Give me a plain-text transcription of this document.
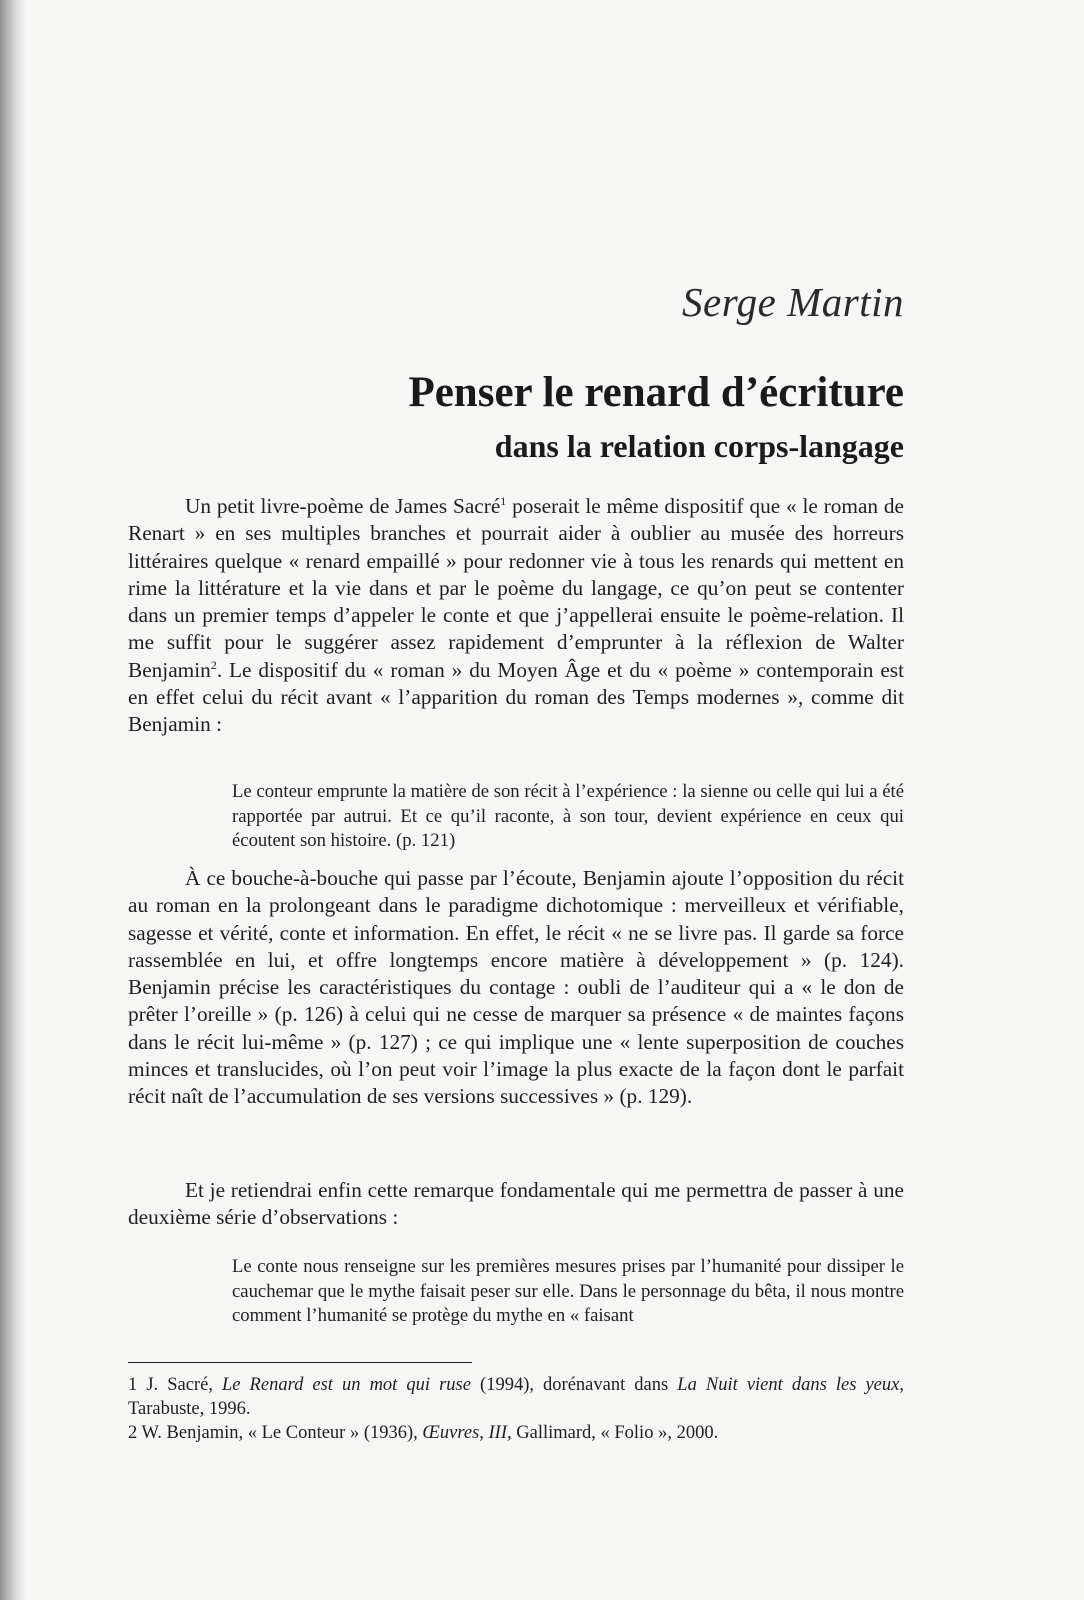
Serge Martin
Penser le renard d’écriture
dans la relation corps-langage

Un petit livre-poème de James Sacré$^1$ poserait le même dispositif que « le roman de Renart » en ses multiples branches et pourrait aider à oublier au musée des horreurs littéraires quelque « renard empaillé » pour redonner vie à tous les renards qui mettent en rime la littérature et la vie dans et par le poème du langage, ce qu’on peut se contenter dans un premier temps d’appeler le conte et que j’appellerai ensuite le poème-relation. Il me suffit pour le suggérer assez rapidement d’emprunter à la réflexion de Walter Benjamin$^2$. Le dispositif du « roman » du Moyen Âge et du « poème » contemporain est en effet celui du récit avant « l’apparition du roman des Temps modernes », comme dit Benjamin :

Le conteur emprunte la matière de son récit à l’expérience : la sienne ou celle qui lui a été rapportée par autrui. Et ce qu’il raconte, à son tour, devient expérience en ceux qui écoutent son histoire. (p. 121)

À ce bouche-à-bouche qui passe par l’écoute, Benjamin ajoute l’opposition du récit au roman en la prolongeant dans le paradigme dichotomique : merveilleux et vérifiable, sagesse et vérité, conte et information. En effet, le récit « ne se livre pas. Il garde sa force rassemblée en lui, et offre longtemps encore matière à développement » (p. 124). Benjamin précise les caractéristiques du contage : oubli de l’auditeur qui a « le don de prêter l’oreille » (p. 126) à celui qui ne cesse de marquer sa présence « de maintes façons dans le récit lui-même » (p. 127) ; ce qui implique une « lente superposition de couches minces et translucides, où l’on peut voir l’image la plus exacte de la façon dont le parfait récit naît de l’accumulation de ses versions successives » (p. 129).

Et je retiendrai enfin cette remarque fondamentale qui me permettra de passer à une deuxième série d’observations :

Le conte nous renseigne sur les premières mesures prises par l’humanité pour dissiper le cauchemar que le mythe faisait peser sur elle. Dans le personnage du bêta, il nous montre comment l’humanité se protège du mythe en « faisant

1 J. Sacré, Le Renard est un mot qui ruse (1994), dorénavant dans La Nuit vient dans les yeux, Tarabuste, 1996.

2 W. Benjamin, « Le Conteur » (1936), Œuvres, III, Gallimard, « Folio », 2000.
